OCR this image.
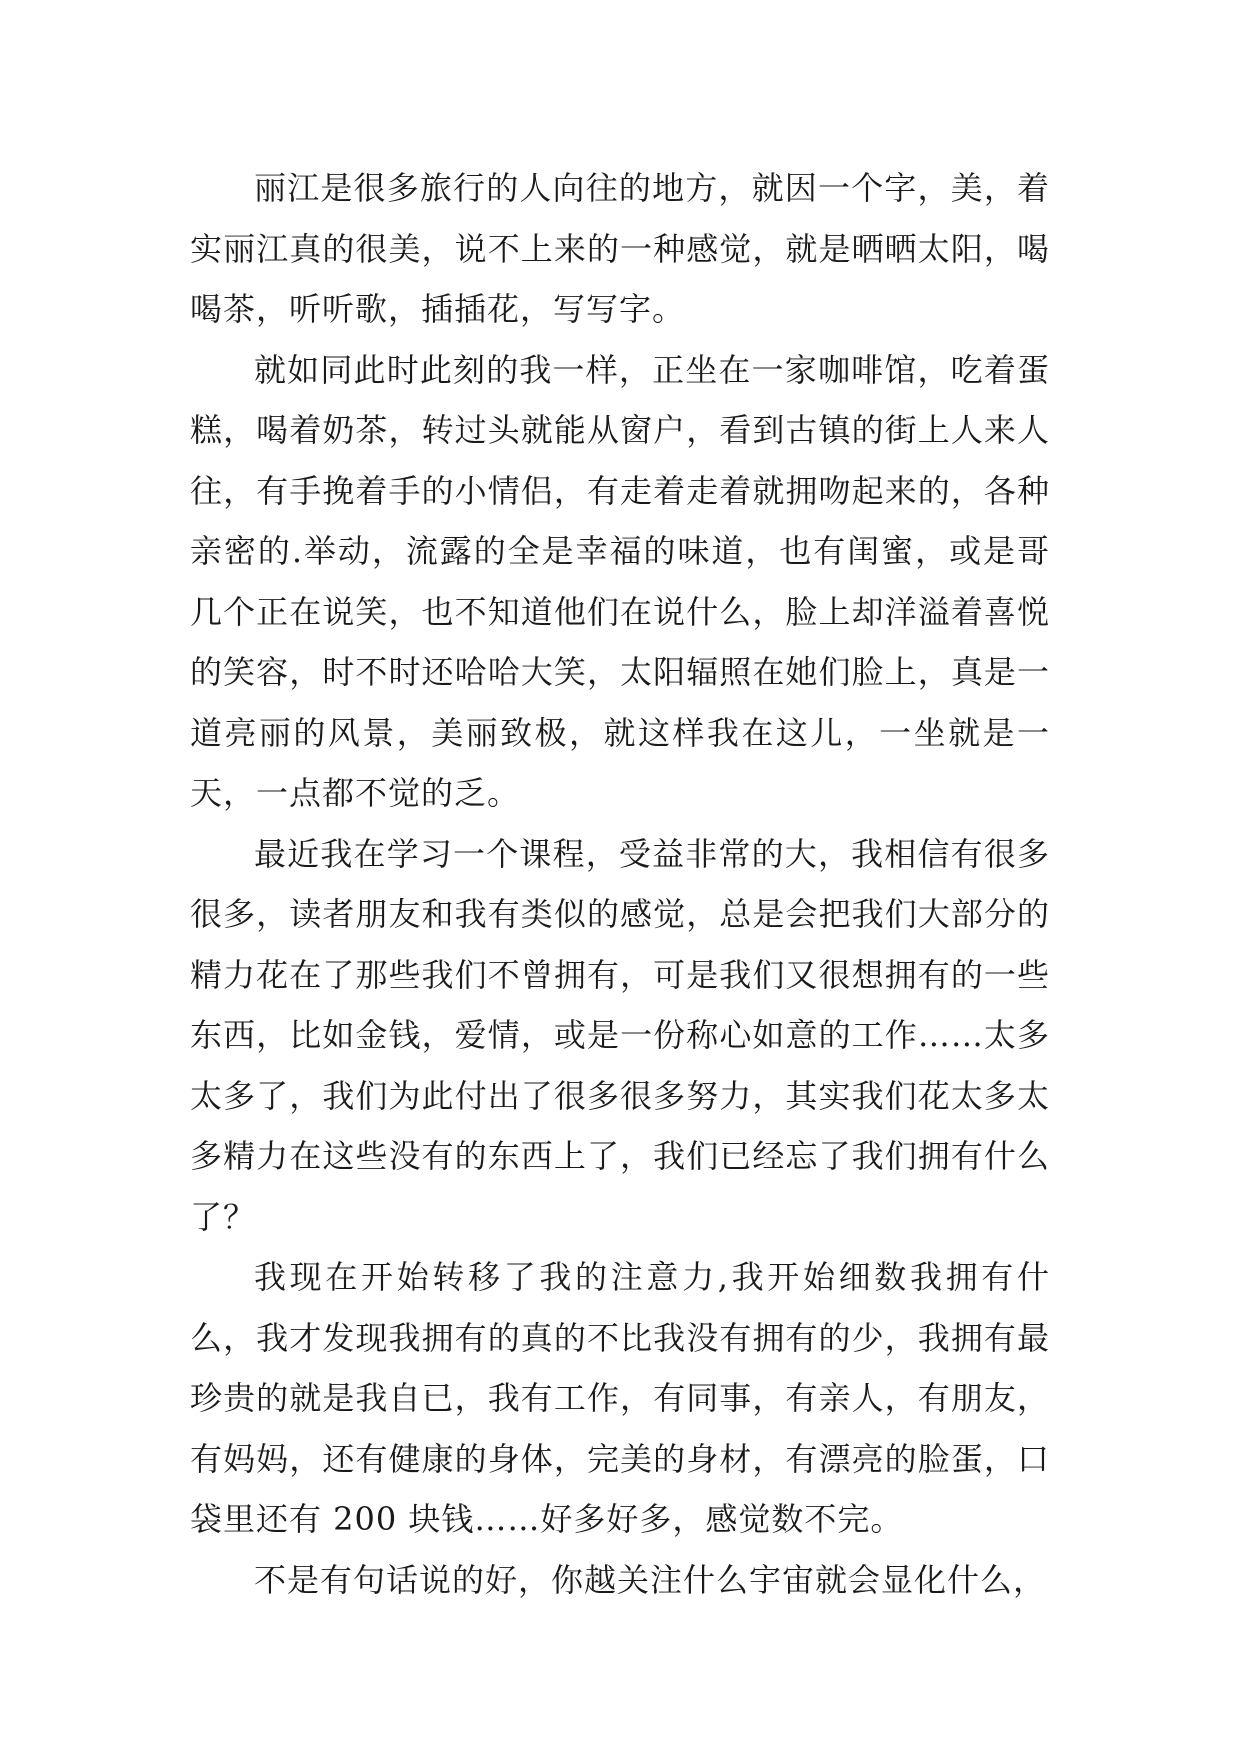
丽江是很多旅行的人向往的地方，就因一个字，美，着实丽江真的很美，说不上来的一种感觉，就是晒晒太阳，喝喝茶，听听歌，插插花，写写字。

就如同此时此刻的我一样，正坐在一家咖啡馆，吃着蛋糕，喝着奶茶，转过头就能从窗户，看到古镇的街上人来人往，有手挽着手的小情侣，有走着走着就拥吻起来的，各种亲密的.举动，流露的全是幸福的味道，也有闺蜜，或是哥几个正在说笑，也不知道他们在说什么，脸上却洋溢着喜悦的笑容，时不时还哈哈大笑，太阳辐照在她们脸上，真是一道亮丽的风景，美丽致极，就这样我在这儿，一坐就是一天，一点都不觉的乏。

最近我在学习一个课程，受益非常的大，我相信有很多很多，读者朋友和我有类似的感觉，总是会把我们大部分的精力花在了那些我们不曾拥有，可是我们又很想拥有的一些东西，比如金钱，爱情，或是一份称心如意的工作……太多太多了，我们为此付出了很多很多努力，其实我们花太多太多精力在这些没有的东西上了，我们已经忘了我们拥有什么了？

我现在开始转移了我的注意力,我开始细数我拥有什么，我才发现我拥有的真的不比我没有拥有的少，我拥有最珍贵的就是我自已，我有工作，有同事，有亲人，有朋友，有妈妈，还有健康的身体，完美的身材，有漂亮的脸蛋，口袋里还有 200 块钱……好多好多，感觉数不完。

不是有句话说的好，你越关注什么宇宙就会显化什么，
